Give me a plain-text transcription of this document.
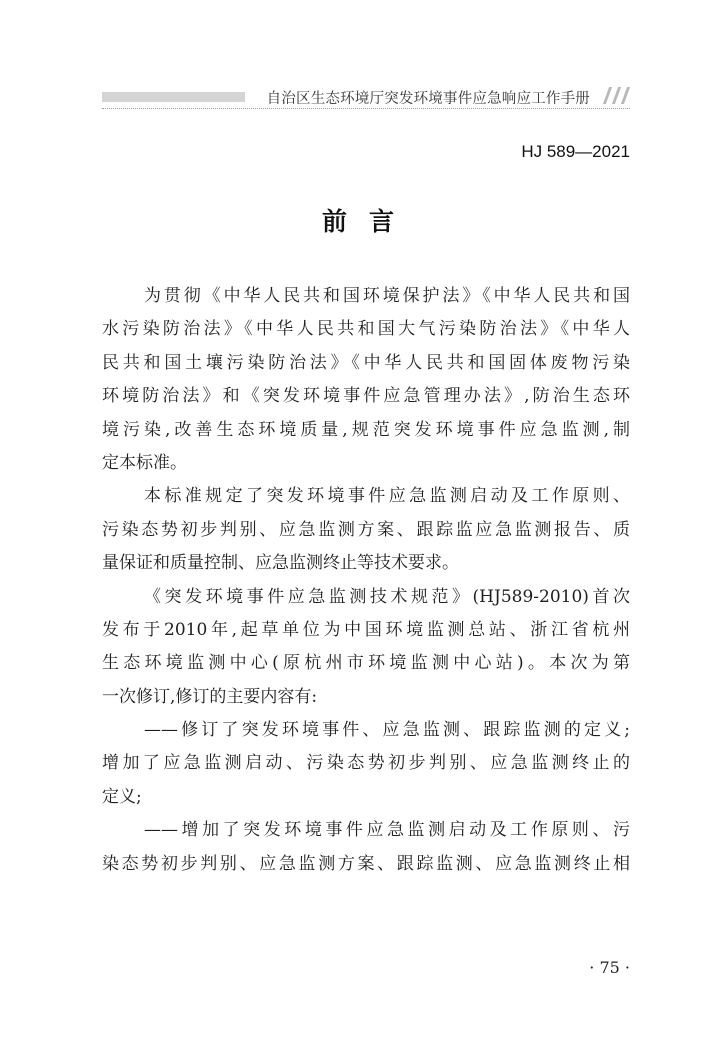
自治区生态环境厅突发环境事件应急响应工作手册
HJ 589—2021
前言
为贯彻《中华人民共和国环境保护法》《中华人民共和国
水污染防治法》《中华人民共和国大气污染防治法》《中华人
民共和国土壤污染防治法》《中华人民共和国固体废物污染
环境防治法》和《突发环境事件应急管理办法》,防治生态环
境污染,改善生态环境质量,规范突发环境事件应急监测,制
定本标准。
本标准规定了突发环境事件应急监测启动及工作原则、
污染态势初步判别、应急监测方案、跟踪监应急监测报告、质
量保证和质量控制、应急监测终止等技术要求。
《突发环境事件应急监测技术规范》(HJ589-2010)首次
发布于2010年,起草单位为中国环境监测总站、浙江省杭州
生态环境监测中心(原杭州市环境监测中心站)。本次为第
一次修订,修订的主要内容有:
——修订了突发环境事件、应急监测、跟踪监测的定义;
增加了应急监测启动、污染态势初步判别、应急监测终止的
定义;
——增加了突发环境事件应急监测启动及工作原则、污
染态势初步判别、应急监测方案、跟踪监测、应急监测终止相
· 75 ·
